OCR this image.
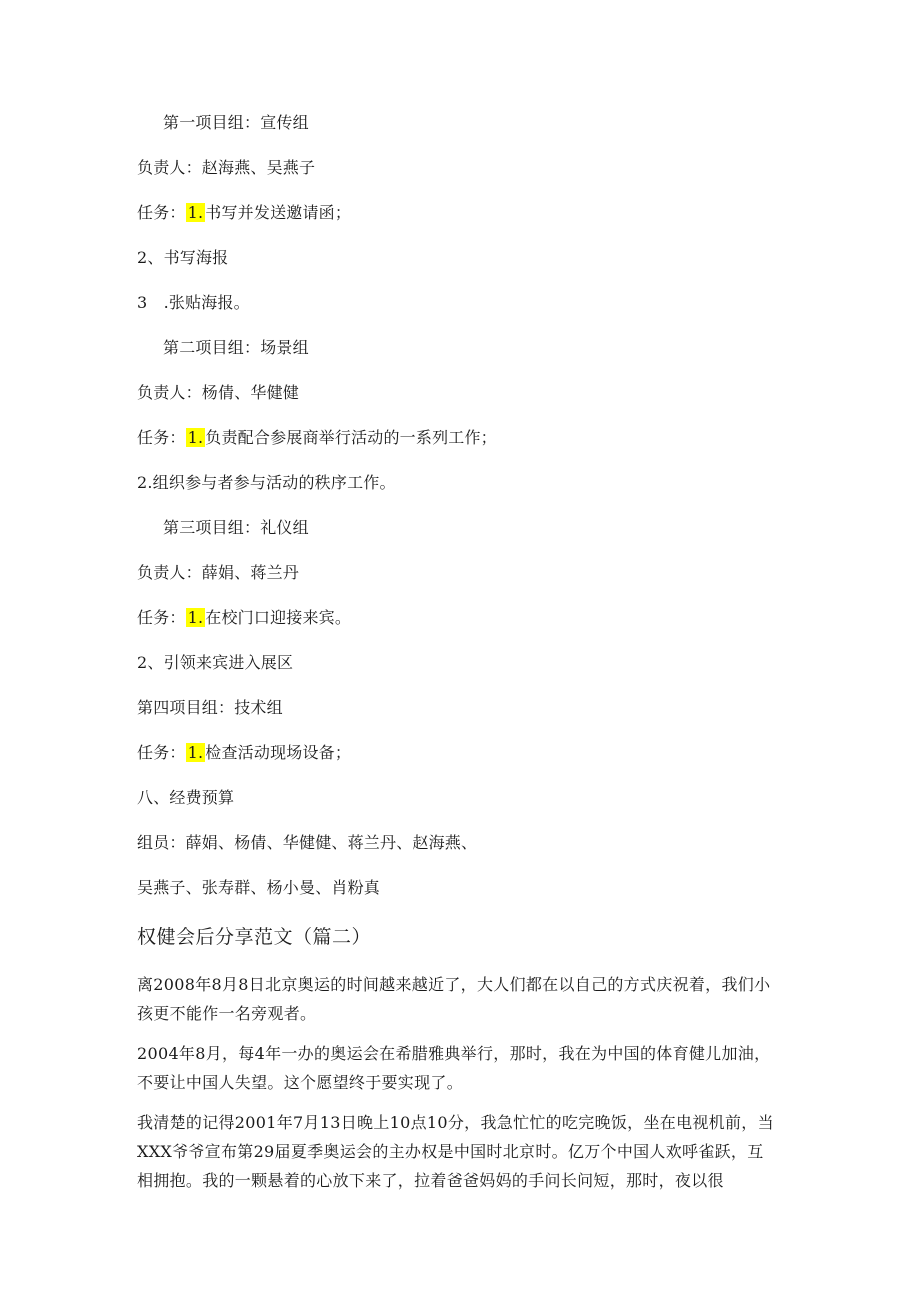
第一项目组：宣传组
负责人：赵海燕、吴燕子
任务： 1. 书写并发送邀请函；
2、书写海报
3　.张贴海报。
第二项目组：场景组
负责人：杨倩、华健健
任务： 1. 负责配合参展商举行活动的一系列工作；
2.组织参与者参与活动的秩序工作。
第三项目组：礼仪组
负责人：薛娟、蒋兰丹
任务： 1. 在校门口迎接来宾。
2、引领来宾进入展区
第四项目组：技术组
任务： 1. 检查活动现场设备；
八、经费预算
组员：薛娟、杨倩、华健健、蒋兰丹、赵海燕、
吴燕子、张寿群、杨小曼、肖粉真
权健会后分享范文（篇二）
离2008年8月8日北京奥运的时间越来越近了，大人们都在以自己的方式庆祝着，我们小孩更不能作一名旁观者。
2004年8月，每4年一办的奥运会在希腊雅典举行，那时，我在为中国的体育健儿加油，不要让中国人失望。这个愿望终于要实现了。
我清楚的记得2001年7月13日晚上10点10分，我急忙忙的吃完晚饭，坐在电视机前，当XXX爷爷宣布第29届夏季奥运会的主办权是中国时北京时。亿万个中国人欢呼雀跃，互相拥抱。我的一颗悬着的心放下来了，拉着爸爸妈妈的手问长问短，那时，夜以很
